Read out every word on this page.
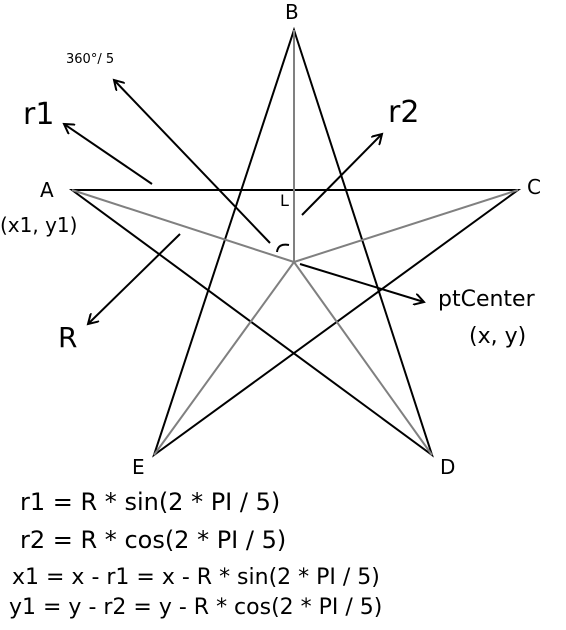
B
A	C
D
E
(x1, y1)
360°/ 5
r1	r2
R
L
ptCenter
(x, y)
r1 = R * sin(2 * PI / 5)
r2 = R * cos(2 * PI / 5)
x1 = x - r1 = x - R * sin(2 * PI / 5)
y1 = y - r2 = y - R * cos(2 * PI / 5)
